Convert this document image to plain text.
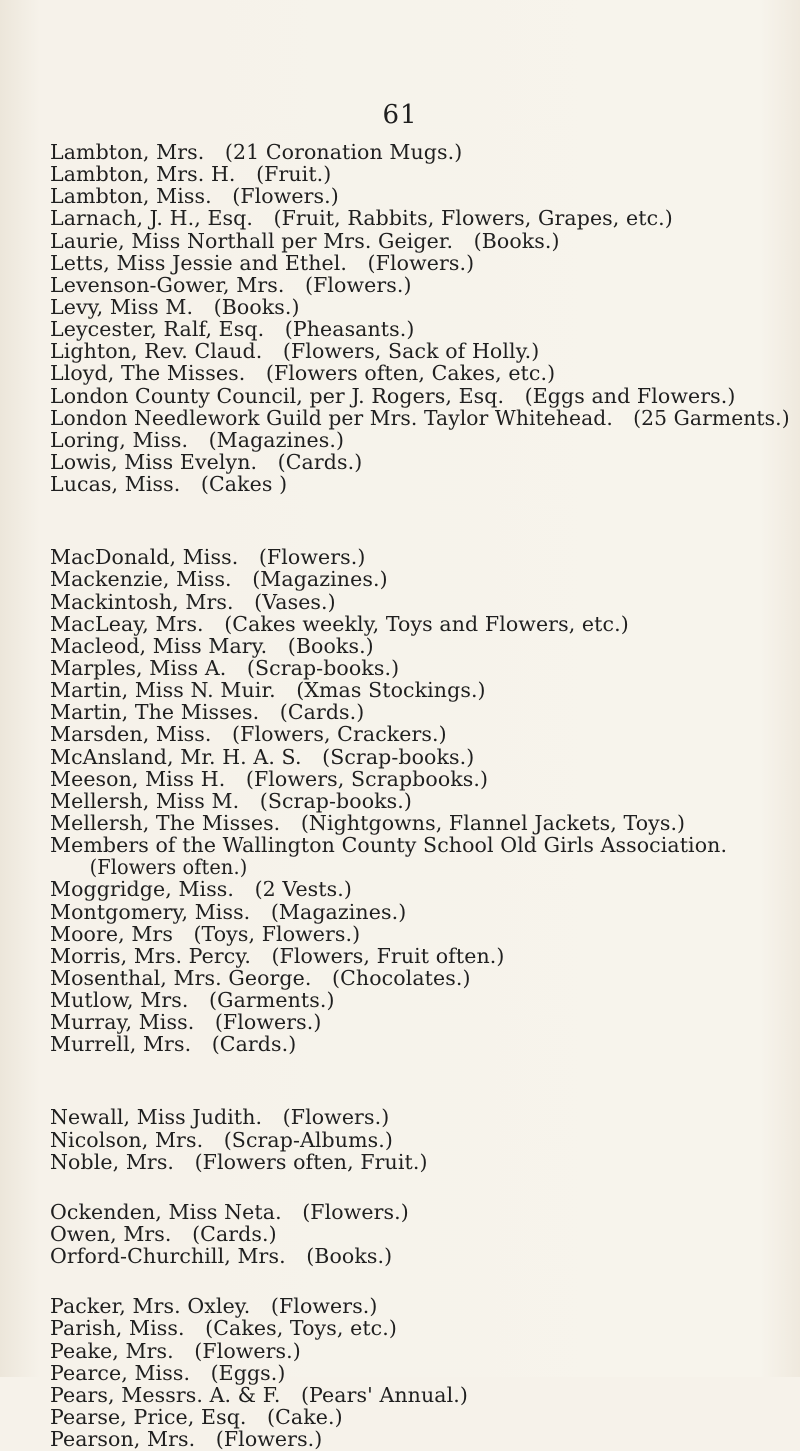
61
Lambton, Mrs.  (21 Coronation Mugs.)
Lambton, Mrs. H.  (Fruit.)
Lambton, Miss.  (Flowers.)
Larnach, J. H., Esq.  (Fruit, Rabbits, Flowers, Grapes, etc.)
Laurie, Miss Northall per Mrs. Geiger.  (Books.)
Letts, Miss Jessie and Ethel.  (Flowers.)
Levenson-Gower, Mrs.  (Flowers.)
Levy, Miss M.  (Books.)
Leycester, Ralf, Esq.  (Pheasants.)
Lighton, Rev. Claud.  (Flowers, Sack of Holly.)
Lloyd, The Misses.  (Flowers often, Cakes, etc.)
London County Council, per J. Rogers, Esq.  (Eggs and Flowers.)
London Needlework Guild per Mrs. Taylor Whitehead.  (25 Garments.)
Loring, Miss.  (Magazines.)
Lowis, Miss Evelyn.  (Cards.)
Lucas, Miss.  (Cakes )
MacDonald, Miss.  (Flowers.)
Mackenzie, Miss.  (Magazines.)
Mackintosh, Mrs.  (Vases.)
MacLeay, Mrs.  (Cakes weekly, Toys and Flowers, etc.)
Macleod, Miss Mary.  (Books.)
Marples, Miss A.  (Scrap-books.)
Martin, Miss N. Muir.  (Xmas Stockings.)
Martin, The Misses.  (Cards.)
Marsden, Miss.  (Flowers, Crackers.)
McAnsland, Mr. H. A. S.  (Scrap-books.)
Meeson, Miss H.  (Flowers, Scrapbooks.)
Mellersh, Miss M.  (Scrap-books.)
Mellersh, The Misses.  (Nightgowns, Flannel Jackets, Toys.)
Members of the Wallington County School Old Girls Association.
(Flowers often.)
Moggridge, Miss.  (2 Vests.)
Montgomery, Miss.  (Magazines.)
Moore, Mrs  (Toys, Flowers.)
Morris, Mrs. Percy.  (Flowers, Fruit often.)
Mosenthal, Mrs. George.  (Chocolates.)
Mutlow, Mrs.  (Garments.)
Murray, Miss.  (Flowers.)
Murrell, Mrs.  (Cards.)
Newall, Miss Judith.  (Flowers.)
Nicolson, Mrs.  (Scrap-Albums.)
Noble, Mrs.  (Flowers often, Fruit.)
Ockenden, Miss Neta.  (Flowers.)
Owen, Mrs.  (Cards.)
Orford-Churchill, Mrs.  (Books.)
Packer, Mrs. Oxley.  (Flowers.)
Parish, Miss.  (Cakes, Toys, etc.)
Peake, Mrs.  (Flowers.)
Pearce, Miss.  (Eggs.)
Pears, Messrs. A. & F.  (Pears' Annual.)
Pearse, Price, Esq.  (Cake.)
Pearson, Mrs.  (Flowers.)
